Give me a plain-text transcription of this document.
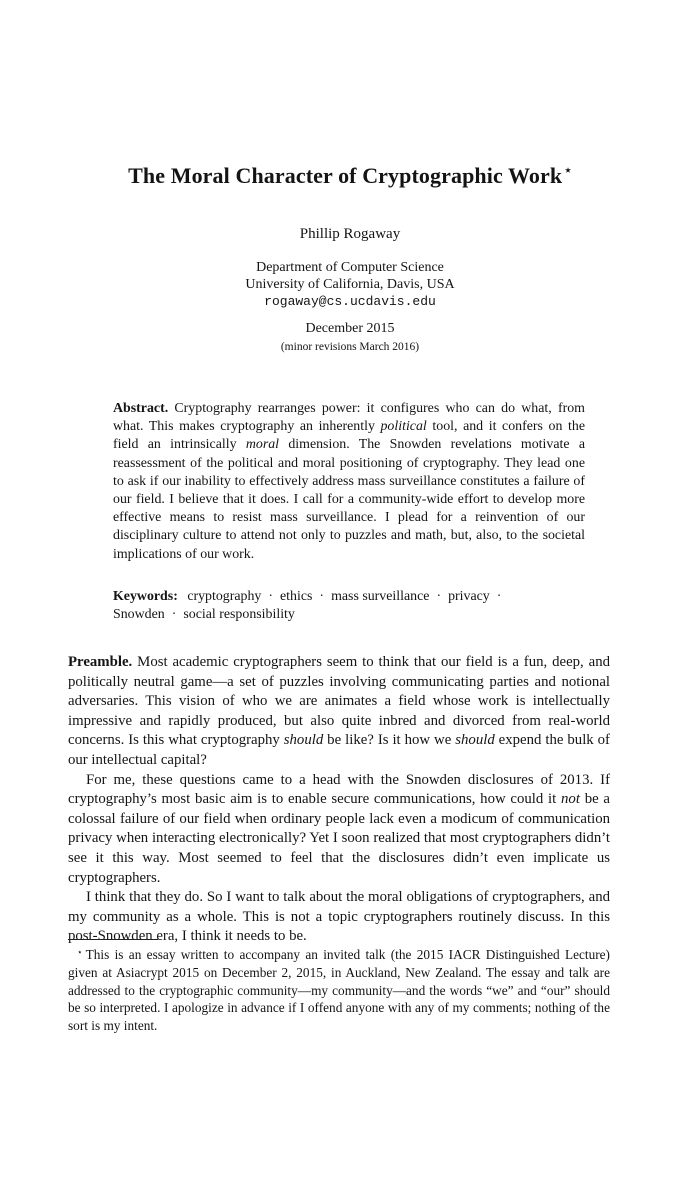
The Moral Character of Cryptographic Work ⋆
Phillip Rogaway
Department of Computer Science
University of California, Davis, USA
rogaway@cs.ucdavis.edu
December 2015
(minor revisions March 2016)
Abstract. Cryptography rearranges power: it configures who can do what, from what. This makes cryptography an inherently political tool, and it confers on the field an intrinsically moral dimension. The Snowden revelations motivate a reassessment of the political and moral positioning of cryptography. They lead one to ask if our inability to effectively address mass surveillance constitutes a failure of our field. I believe that it does. I call for a community-wide effort to develop more effective means to resist mass surveillance. I plead for a reinvention of our disciplinary culture to attend not only to puzzles and math, but, also, to the societal implications of our work.
Keywords: cryptography · ethics · mass surveillance · privacy ·
Snowden · social responsibility

Preamble. Most academic cryptographers seem to think that our field is a fun, deep, and politically neutral game—a set of puzzles involving communicating parties and notional adversaries. This vision of who we are animates a field whose work is intellectually impressive and rapidly produced, but also quite inbred and divorced from real-world concerns. Is this what cryptography should be like? Is it how we should expend the bulk of our intellectual capital?

For me, these questions came to a head with the Snowden disclosures of 2013. If cryptography’s most basic aim is to enable secure communications, how could it not be a colossal failure of our field when ordinary people lack even a modicum of communication privacy when interacting electronically? Yet I soon realized that most cryptographers didn’t see it this way. Most seemed to feel that the disclosures didn’t even implicate us cryptographers.

I think that they do. So I want to talk about the moral obligations of cryptographers, and my community as a whole. This is not a topic cryptographers routinely discuss. In this post-Snowden era, I think it needs to be.

⋆ This is an essay written to accompany an invited talk (the 2015 IACR Distinguished Lecture) given at Asiacrypt 2015 on December 2, 2015, in Auckland, New Zealand. The essay and talk are addressed to the cryptographic community—my community—and the words “we” and “our” should be so interpreted. I apologize in advance if I offend anyone with any of my comments; nothing of the sort is my intent.
